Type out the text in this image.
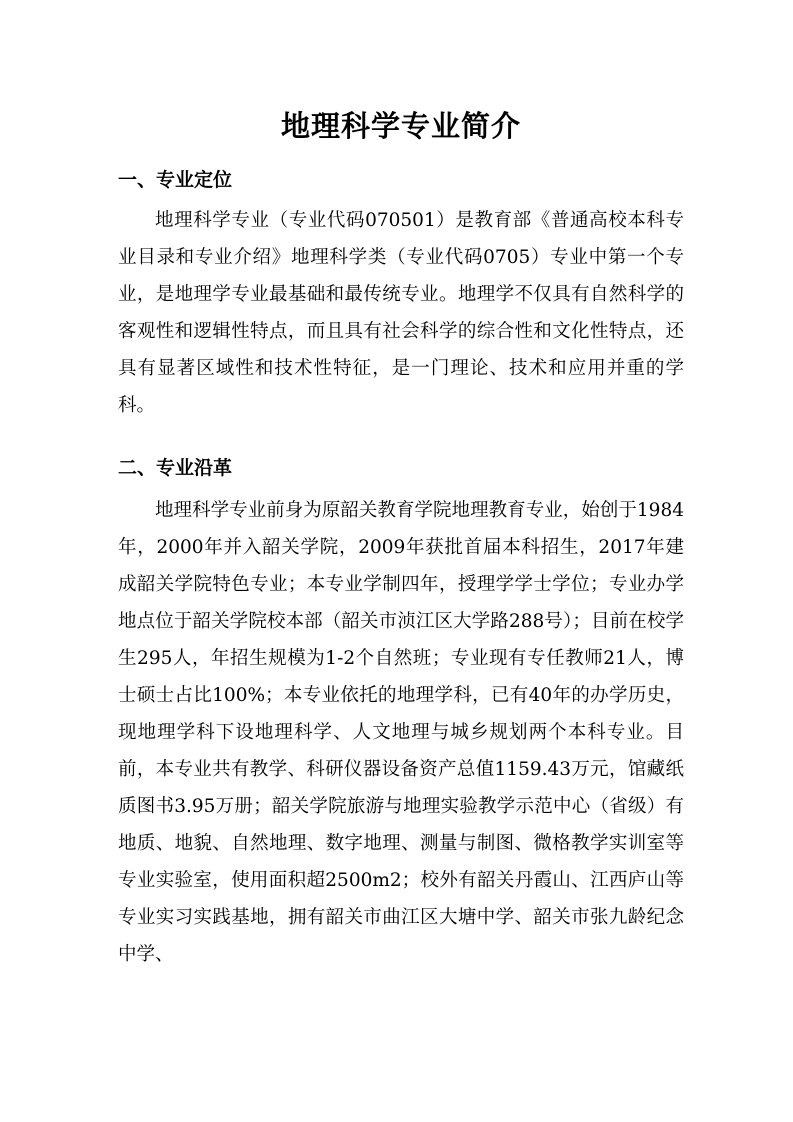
地理科学专业简介
一、专业定位

地理科学专业（专业代码070501）是教育部《普通高校本科专业目录和专业介绍》地理科学类（专业代码0705）专业中第一个专业，是地理学专业最基础和最传统专业。地理学不仅具有自然科学的客观性和逻辑性特点，而且具有社会科学的综合性和文化性特点，还具有显著区域性和技术性特征，是一门理论、技术和应用并重的学科。

二、专业沿革

地理科学专业前身为原韶关教育学院地理教育专业，始创于1984年，2000年并入韶关学院，2009年获批首届本科招生，2017年建成韶关学院特色专业；本专业学制四年，授理学学士学位；专业办学地点位于韶关学院校本部（韶关市浈江区大学路288号）；目前在校学生295人，年招生规模为1-2个自然班；专业现有专任教师21人，博士硕士占比100%；本专业依托的地理学科，已有40年的办学历史，现地理学科下设地理科学、人文地理与城乡规划两个本科专业。目前，本专业共有教学、科研仪器设备资产总值1159.43万元，馆藏纸质图书3.95万册；韶关学院旅游与地理实验教学示范中心（省级）有地质、地貌、自然地理、数字地理、测量与制图、微格教学实训室等专业实验室，使用面积超2500m2；校外有韶关丹霞山、江西庐山等专业实习实践基地，拥有韶关市曲江区大塘中学、韶关市张九龄纪念中学、
